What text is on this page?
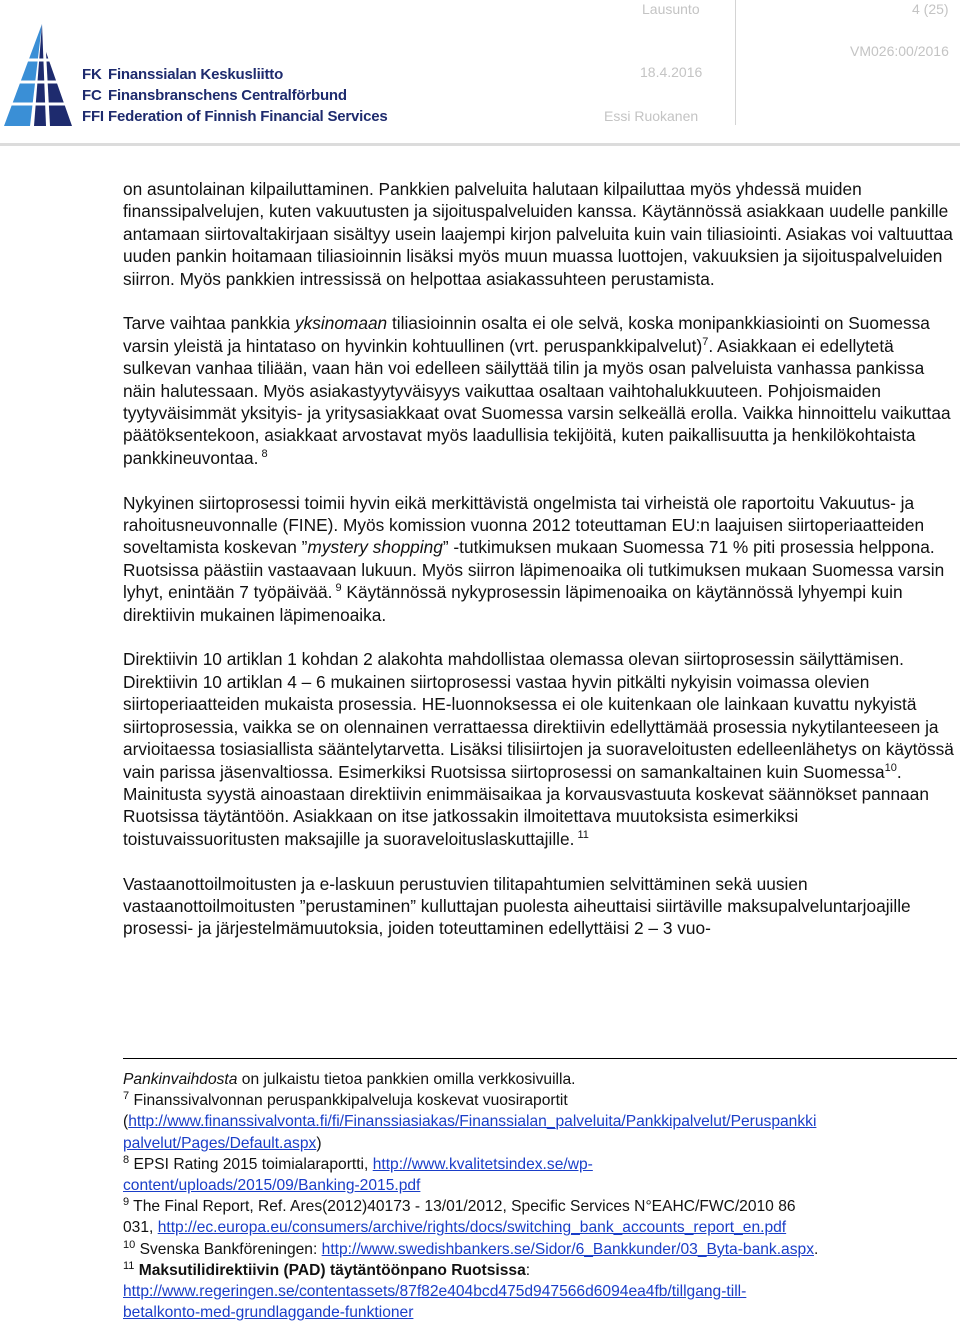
FK Finanssialan Keskusliitto
FC Finansbranschens Centralförbund
FFI Federation of Finnish Financial Services
Lausunto	4 (25)
VM026:00/2016
18.4.2016
Essi Ruokanen

on asuntolainan kilpailuttaminen. Pankkien palveluita halutaan kilpailuttaa myös yhdessä muiden finanssipalvelujen, kuten vakuutusten ja sijoituspalveluiden kanssa. Käytännössä asiakkaan uudelle pankille antamaan siirtovaltakirjaan sisältyy usein laajempi kirjon palveluita kuin vain tiliasiointi. Asiakas voi valtuuttaa uuden pankin hoitamaan tiliasioinnin lisäksi myös muun muassa luottojen, vakuuksien ja sijoituspalveluiden siirron. Myös pankkien intressissä on helpottaa asiakassuhteen perustamista.

Tarve vaihtaa pankkia yksinomaan tiliasioinnin osalta ei ole selvä, koska monipankkiasiointi on Suomessa varsin yleistä ja hintataso on hyvinkin kohtuullinen (vrt. peruspankkipalvelut)$^7$. Asiakkaan ei edellytetä sulkevan vanhaa tiliään, vaan hän voi edelleen säilyttää tilin ja myös osan palveluista vanhassa pankissa näin halutessaan. Myös asiakastyytyväisyys vaikuttaa osaltaan vaihtohalukkuuteen. Pohjoismaiden tyytyväisimmät yksityis- ja yritysasiakkaat ovat Suomessa varsin selkeällä erolla. Vaikka hinnoittelu vaikuttaa päätöksentekoon, asiakkaat arvostavat myös laadullisia tekijöitä, kuten paikallisuutta ja henkilökohtaista pankkineuvontaa. $^8$

Nykyinen siirtoprosessi toimii hyvin eikä merkittävistä ongelmista tai virheistä ole raportoitu Vakuutus- ja rahoitusneuvonnalle (FINE). Myös komission vuonna 2012 toteuttaman EU:n laajuisen siirtoperiaatteiden soveltamista koskevan ”mystery shopping” -tutkimuksen mukaan Suomessa 71 % piti prosessia helppona. Ruotsissa päästiin vastaavaan lukuun. Myös siirron läpimenoaika oli tutkimuksen mukaan Suomessa varsin lyhyt, enintään 7 työpäivää. $^9$ Käytännössä nykyprosessin läpimenoaika on käytännössä lyhyempi kuin direktiivin mukainen läpimenoaika.

Direktiivin 10 artiklan 1 kohdan 2 alakohta mahdollistaa olemassa olevan siirtoprosessin säilyttämisen. Direktiivin 10 artiklan 4 – 6 mukainen siirtoprosessi vastaa hyvin pitkälti nykyisin voimassa olevien siirtoperiaatteiden mukaista prosessia. HE-luonnoksessa ei ole kuitenkaan ole lainkaan kuvattu nykyistä siirtoprosessia, vaikka se on olennainen verrattaessa direktiivin edellyttämää prosessia nykytilanteeseen ja arvioitaessa tosiasiallista sääntelytarvetta. Lisäksi tilisiirtojen ja suoraveloitusten edelleenlähetys on käytössä vain parissa jäsenvaltiossa. Esimerkiksi Ruotsissa siirtoprosessi on samankaltainen kuin Suomessa$^{10}$. Mainitusta syystä ainoastaan direktiivin enimmäisaikaa ja korvausvastuuta koskevat säännökset pannaan Ruotsissa täytäntöön. Asiakkaan on itse jatkossakin ilmoitettava muutoksista esimerkiksi toistuvaissuoritusten maksajille ja suoraveloituslaskuttajille. $^{11}$

Vastaanottoilmoitusten ja e-laskuun perustuvien tilitapahtumien selvittäminen sekä uusien vastaanottoilmoitusten ”perustaminen” kulluttajan puolesta aiheuttaisi siirtäville maksupalveluntarjoajille prosessi- ja järjestelmämuutoksia, joiden toteuttaminen edellyttäisi 2 – 3 vuo-

Pankinvaihdosta on julkaistu tietoa pankkien omilla verkkosivuilla.
$^7$ Finanssivalvonnan peruspankkipalveluja koskevat vuosiraportit
(http://www.finanssivalvonta.fi/fi/Finanssiasiakas/Finanssialan_palveluita/Pankkipalvelut/Peruspankki
palvelut/Pages/Default.aspx)
$^8$ EPSI Rating 2015 toimialaraportti, http://www.kvalitetsindex.se/wp-
content/uploads/2015/09/Banking-2015.pdf
$^9$ The Final Report, Ref. Ares(2012)40173 - 13/01/2012, Specific Services N°EAHC/FWC/2010 86
031, http://ec.europa.eu/consumers/archive/rights/docs/switching_bank_accounts_report_en.pdf
$^{10}$ Svenska Bankföreningen: http://www.swedishbankers.se/Sidor/6_Bankkunder/03_Byta-bank.aspx.
$^{11}$ Maksutilidirektiivin (PAD) täytäntöönpano Ruotsissa:
http://www.regeringen.se/contentassets/87f82e404bcd475d947566d6094ea4fb/tillgang-till-
betalkonto-med-grundlaggande-funktioner
